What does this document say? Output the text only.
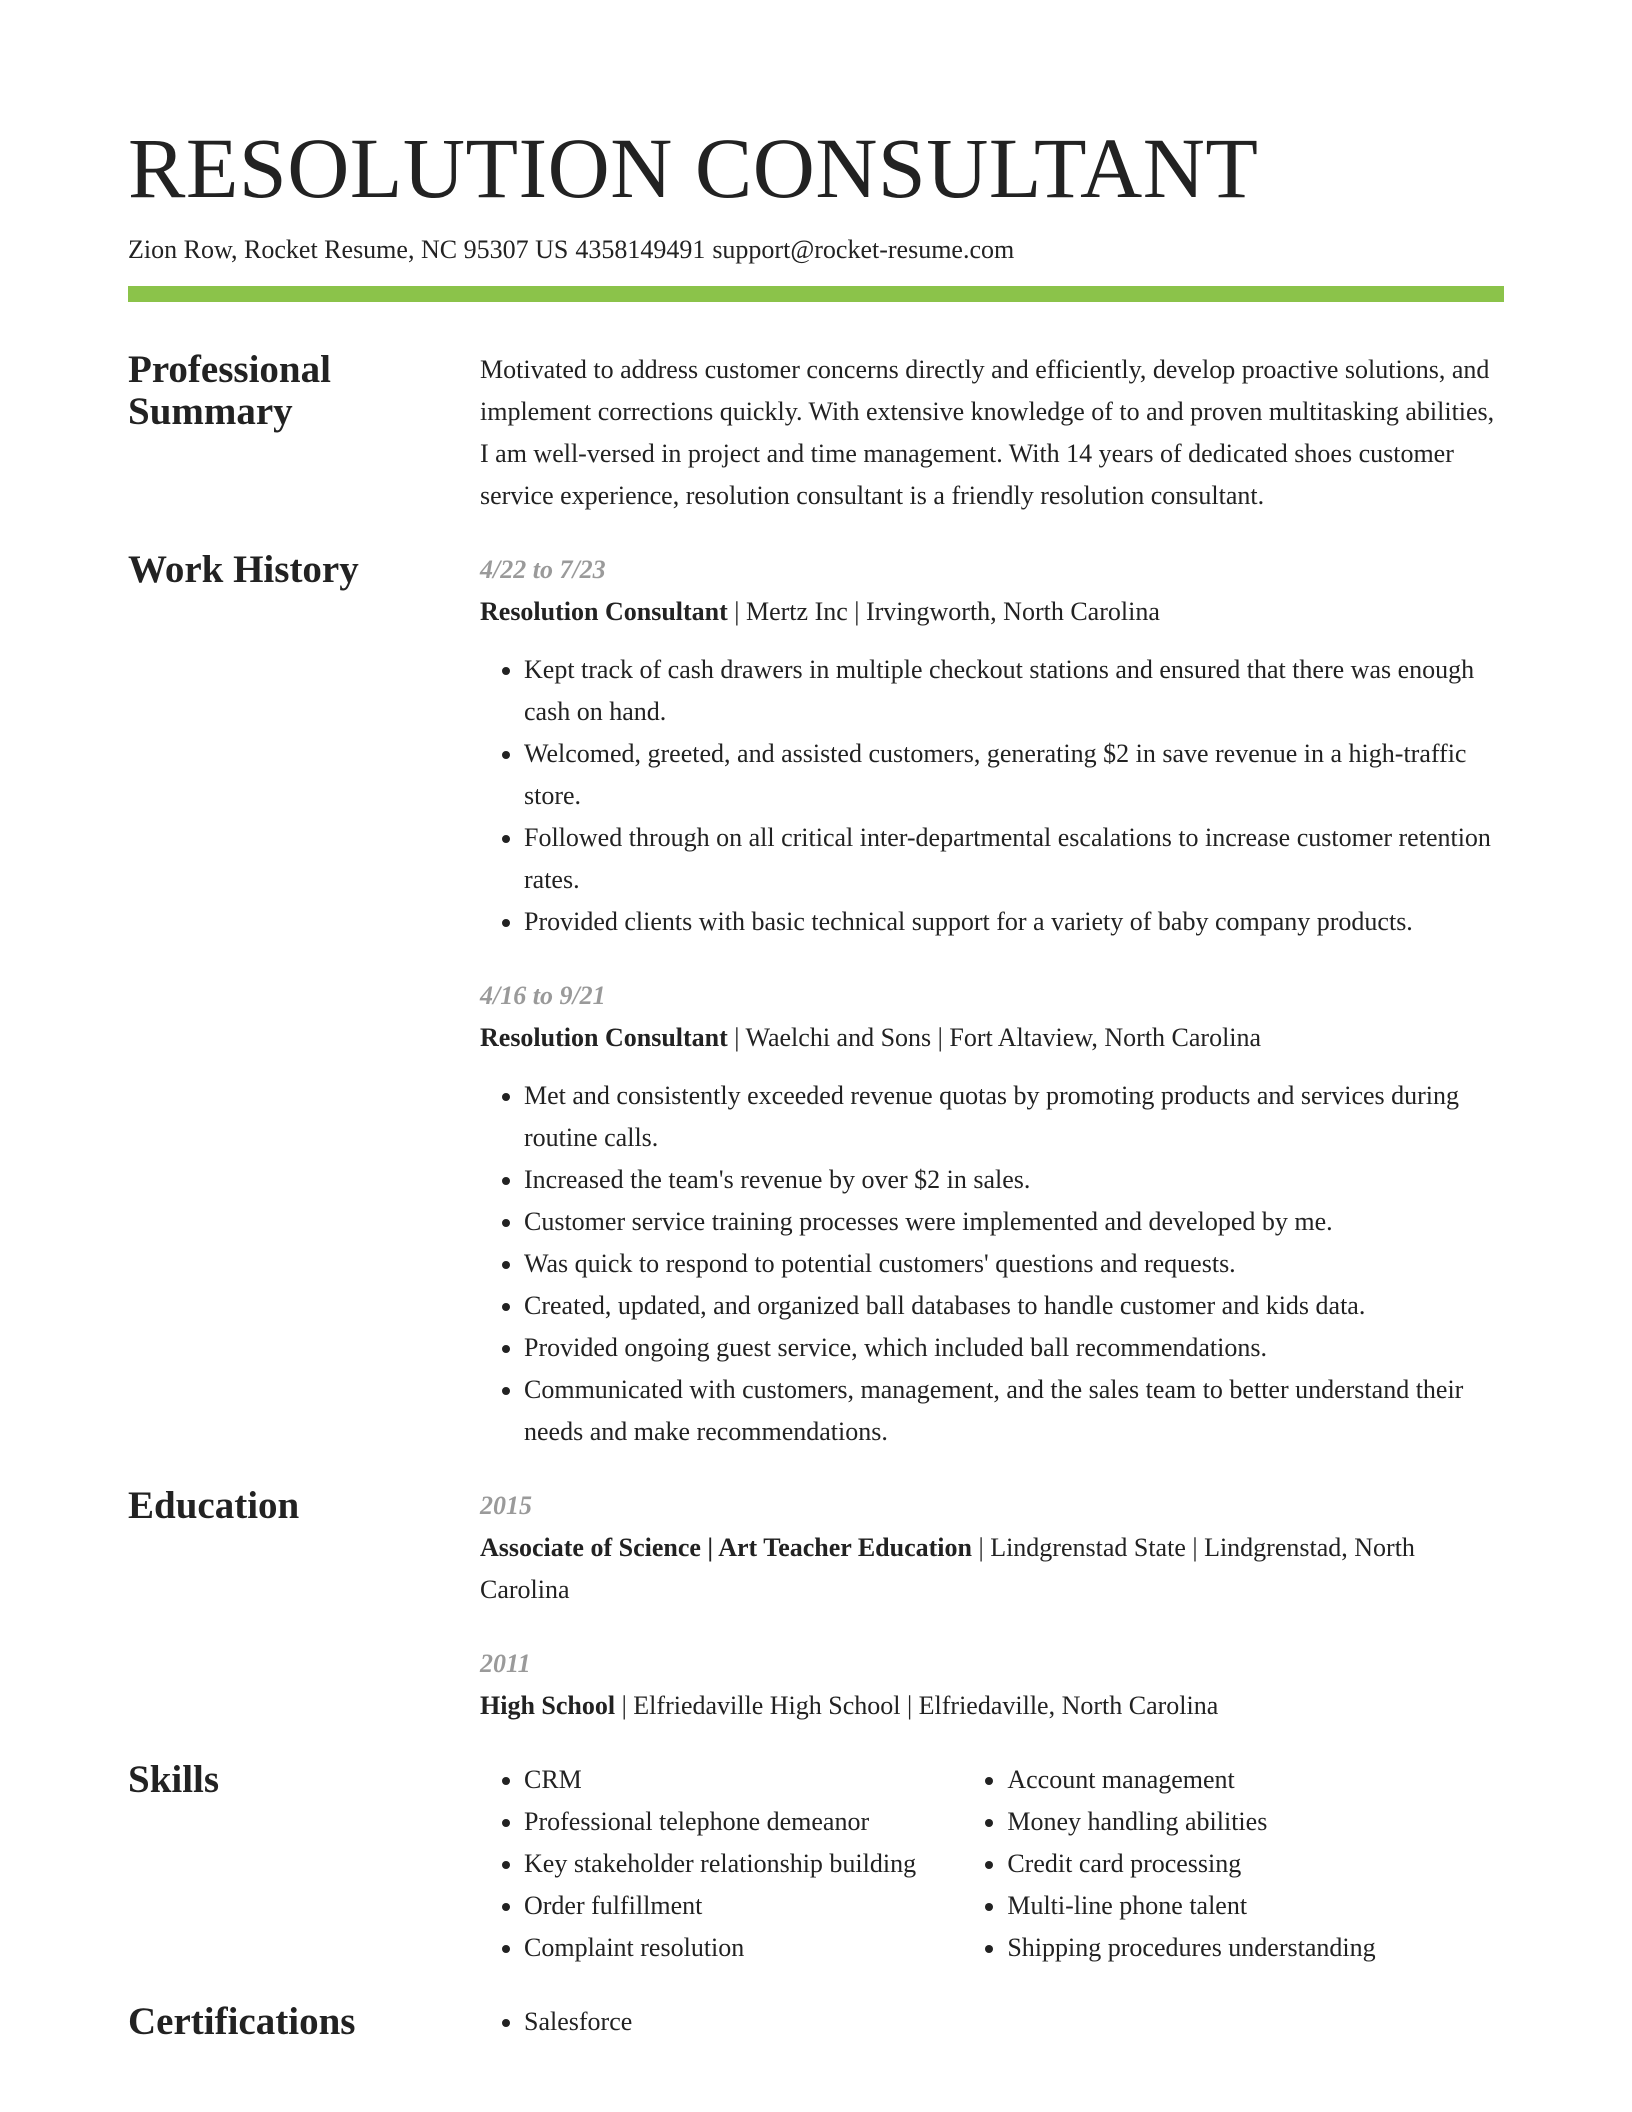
RESOLUTION CONSULTANT
Zion Row, Rocket Resume, NC 95307 US 4358149491 support@rocket-resume.com
Professional Summary

Motivated to address customer concerns directly and efficiently, develop proactive solutions, and implement corrections quickly. With extensive knowledge of to and proven multitasking abilities, I am well-versed in project and time management. With 14 years of dedicated shoes customer service experience, resolution consultant is a friendly resolution consultant.

Work History	4/22 to 7/23

Resolution Consultant | Mertz Inc | Irvingworth, North Carolina

• Kept track of cash drawers in multiple checkout stations and ensured that there was enough cash on hand.
• Welcomed, greeted, and assisted customers, generating $2 in save revenue in a high-traffic store.
• Followed through on all critical inter-departmental escalations to increase customer retention rates.
• Provided clients with basic technical support for a variety of baby company products.
4/16 to 9/21

Resolution Consultant | Waelchi and Sons | Fort Altaview, North Carolina

• Met and consistently exceeded revenue quotas by promoting products and services during routine calls.
• Increased the team's revenue by over $2 in sales.
• Customer service training processes were implemented and developed by me.
• Was quick to respond to potential customers' questions and requests.
• Created, updated, and organized ball databases to handle customer and kids data.
• Provided ongoing guest service, which included ball recommendations.
• Communicated with customers, management, and the sales team to better understand their needs and make recommendations.
Education	2015

Associate of Science | Art Teacher Education | Lindgrenstad State | Lindgrenstad, North Carolina

2011

High School | Elfriedaville High School | Elfriedaville, North Carolina

Skills	• CRM
• Professional telephone demeanor
• Key stakeholder relationship building
• Order fulfillment
• Complaint resolution
• Account management
• Money handling abilities
• Credit card processing
• Multi-line phone talent
• Shipping procedures understanding
Certifications	• Salesforce
